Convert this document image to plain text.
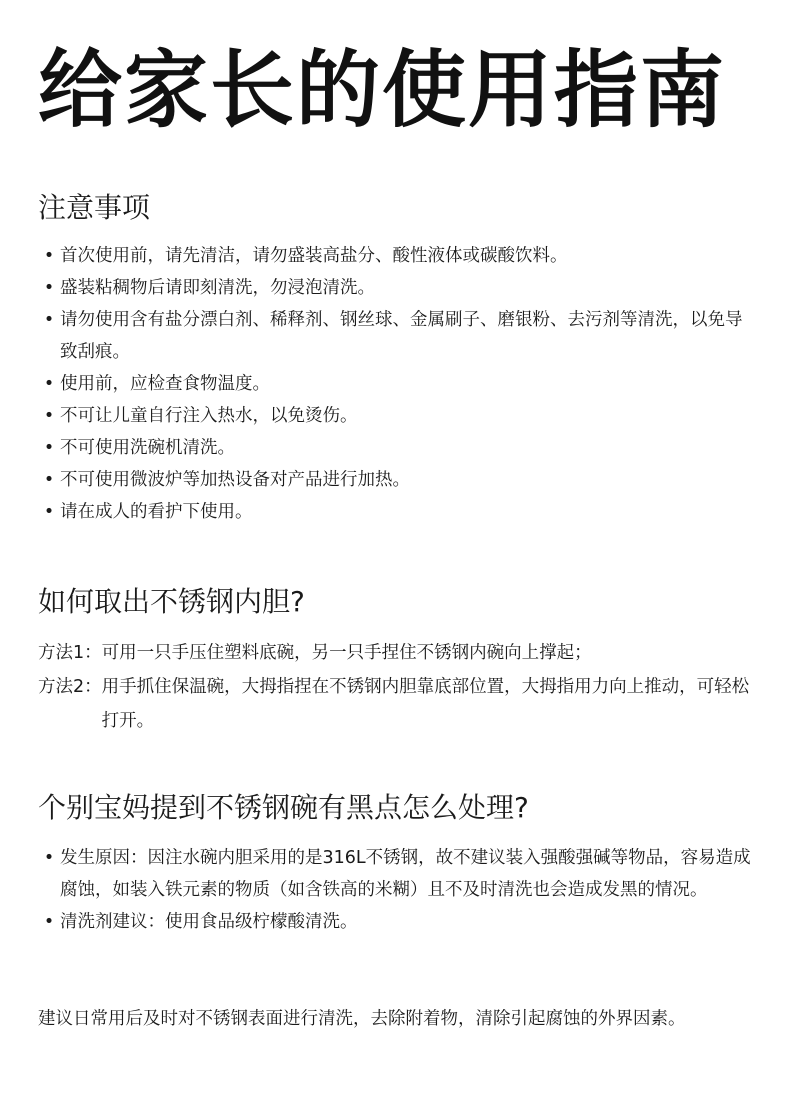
给家长的使用指南
注意事项
• 首次使用前，请先清洁，请勿盛装高盐分、酸性液体或碳酸饮料。
• 盛装粘稠物后请即刻清洗，勿浸泡清洗。
• 请勿使用含有盐分漂白剂、稀释剂、钢丝球、金属刷子、磨银粉、去污剂等清洗，以免导致刮痕。
• 使用前，应检查食物温度。
• 不可让儿童自行注入热水，以免烫伤。
• 不可使用洗碗机清洗。
• 不可使用微波炉等加热设备对产品进行加热。
• 请在成人的看护下使用。
如何取出不锈钢内胆?
方法1： 可用一只手压住塑料底碗，另一只手捏住不锈钢内碗向上撑起；
方法2： 用手抓住保温碗，大拇指捏在不锈钢内胆靠底部位置，大拇指用力向上推动，可轻松打开。
个别宝妈提到不锈钢碗有黑点怎么处理?
• 发生原因：因注水碗内胆采用的是316L不锈钢，故不建议装入强酸强碱等物品，容易造成腐蚀，如装入铁元素的物质（如含铁高的米糊）且不及时清洗也会造成发黑的情况。
• 清洗剂建议：使用食品级柠檬酸清洗。
建议日常用后及时对不锈钢表面进行清洗，去除附着物，清除引起腐蚀的外界因素。
